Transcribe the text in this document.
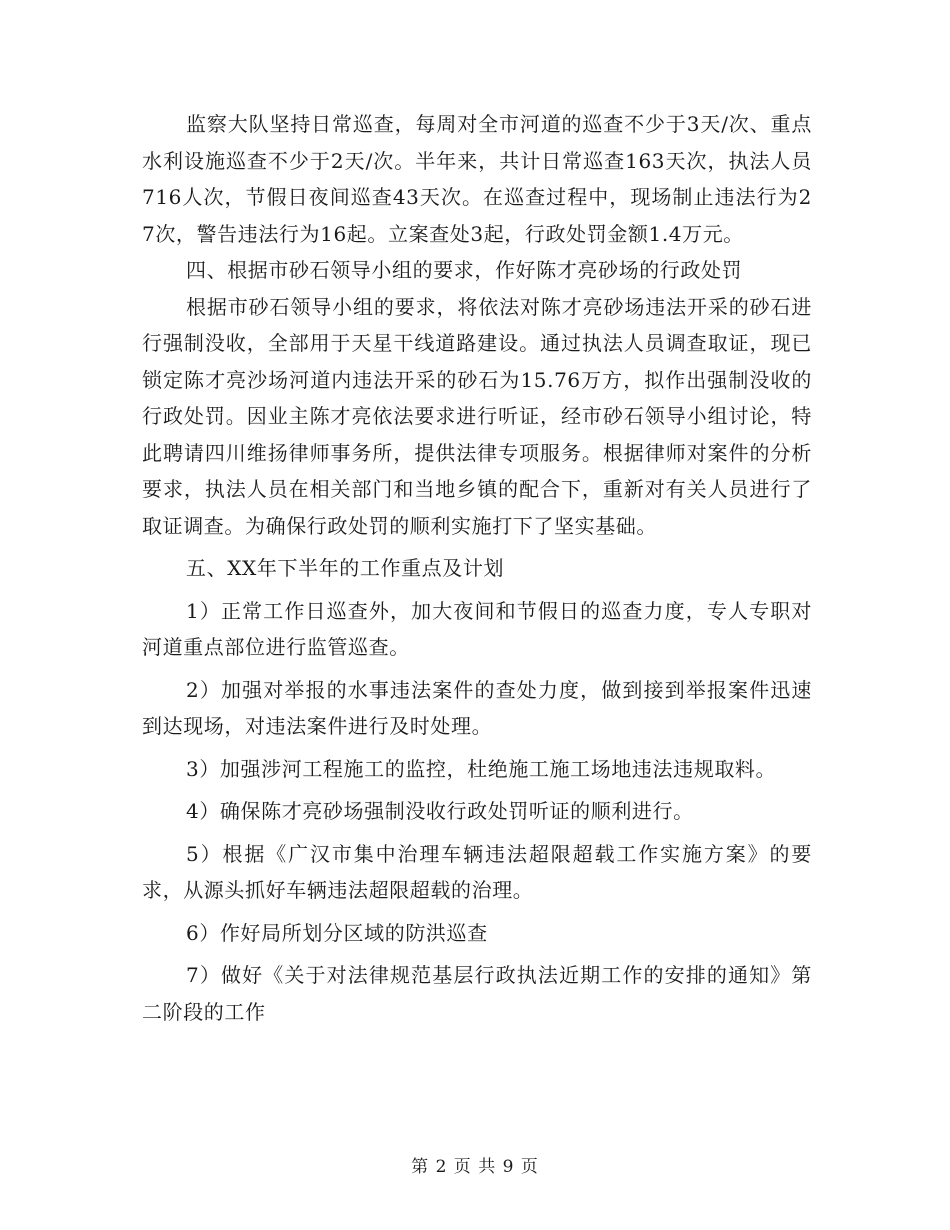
监察大队坚持日常巡查，每周对全市河道的巡查不少于3天/次、重点水利设施巡查不少于2天/次。半年来，共计日常巡查163天次，执法人员716人次，节假日夜间巡查43天次。在巡查过程中，现场制止违法行为27次，警告违法行为16起。立案查处3起，行政处罚金额1.4万元。

四、根据市砂石领导小组的要求，作好陈才亮砂场的行政处罚

根据市砂石领导小组的要求，将依法对陈才亮砂场违法开采的砂石进行强制没收，全部用于天星干线道路建设。通过执法人员调查取证，现已锁定陈才亮沙场河道内违法开采的砂石为15.76万方，拟作出强制没收的行政处罚。因业主陈才亮依法要求进行听证，经市砂石领导小组讨论，特此聘请四川维扬律师事务所，提供法律专项服务。根据律师对案件的分析要求，执法人员在相关部门和当地乡镇的配合下，重新对有关人员进行了取证调查。为确保行政处罚的顺利实施打下了坚实基础。

五、XX年下半年的工作重点及计划

1）正常工作日巡查外，加大夜间和节假日的巡查力度，专人专职对河道重点部位进行监管巡查。

2）加强对举报的水事违法案件的查处力度，做到接到举报案件迅速到达现场，对违法案件进行及时处理。

3）加强涉河工程施工的监控，杜绝施工施工场地违法违规取料。

4）确保陈才亮砂场强制没收行政处罚听证的顺利进行。

5）根据《广汉市集中治理车辆违法超限超载工作实施方案》的要求，从源头抓好车辆违法超限超载的治理。

6）作好局所划分区域的防洪巡查

7）做好《关于对法律规范基层行政执法近期工作的安排的通知》第二阶段的工作

第 2 页 共 9 页
